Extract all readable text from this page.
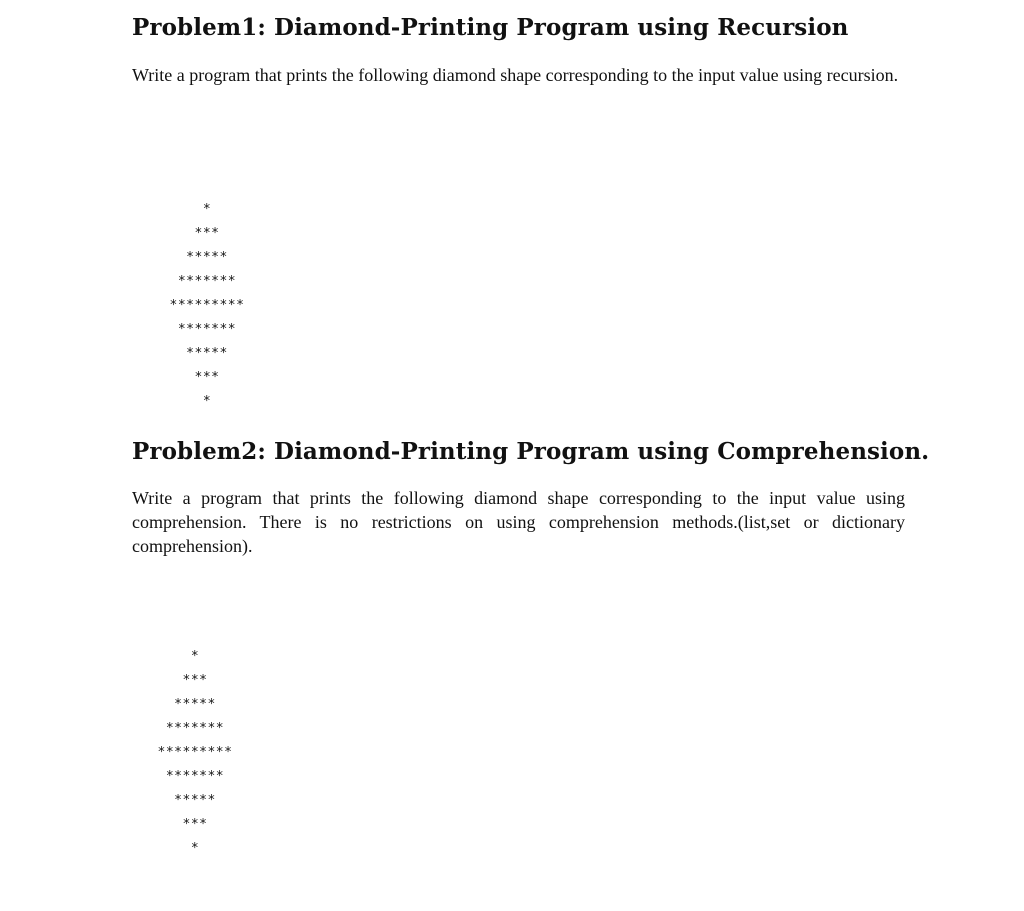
Problem1: Diamond-Printing Program using Recursion

Write a program that prints the following diamond shape corresponding to the input value using recursion.

*
***
*****
*******
*********
*******
*****
***
*
Problem2: Diamond-Printing Program using Comprehension.

Write a program that prints the following diamond shape corresponding to the input value using comprehension. There is no restrictions on using comprehension methods.(list,set or dictionary comprehension).

*
***
*****
*******
*********
*******
*****
***
*
